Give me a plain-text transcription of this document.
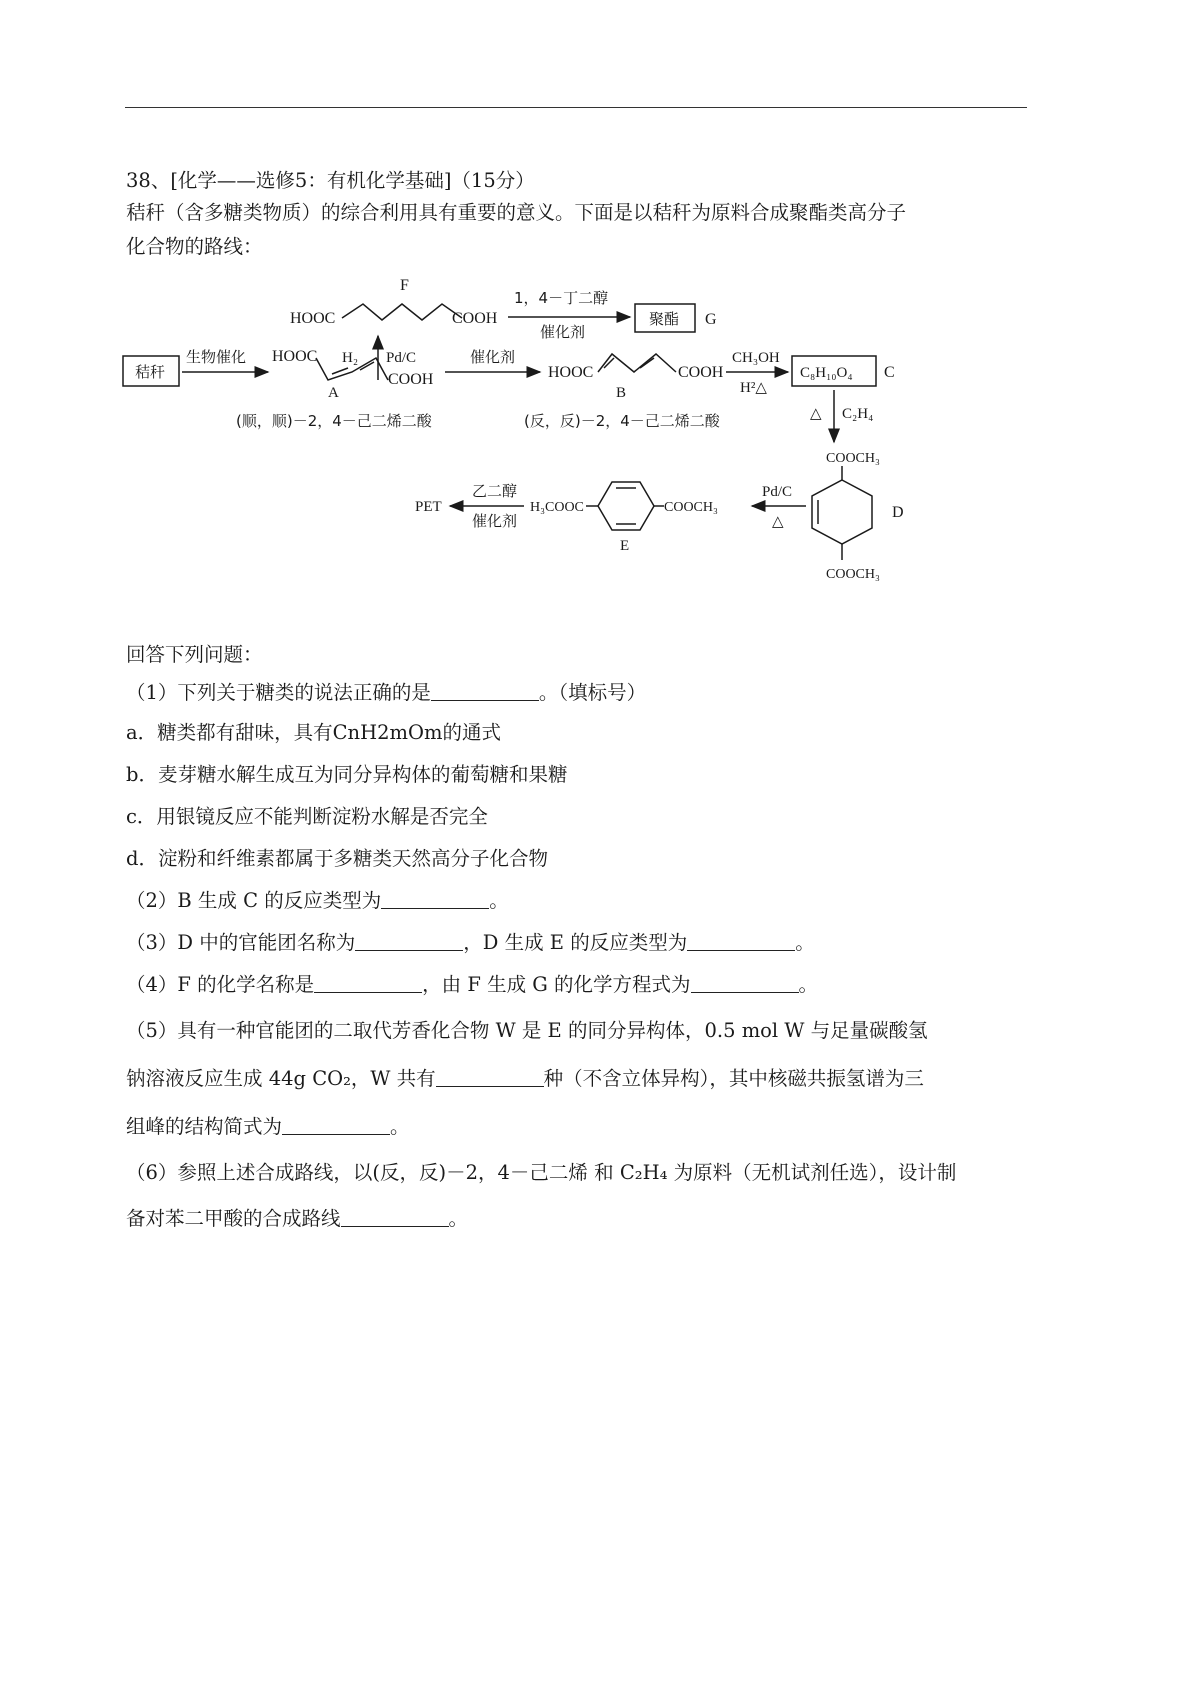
38、[化学——选修5：有机化学基础]（15分）
秸秆（含多糖类物质）的综合利用具有重要的意义。下面是以秸秆为原料合成聚酯类高分子
化合物的路线：
F
HOOC	COOH
1，4－丁二醇
催化剂
聚酯 G
H₂ Pd/C
秸秆
生物催化 HOOC
COOH
A
(顺，顺)－2，4－己二烯二酸
催化剂
HOOC	COOH
B
(反，反)－2，4－己二烯二酸
CH₃OH
H²△
C₈H₁₀O₄ C
△ C₂H₄
COOCH₃
COOCH₃
D
Pd/C
△
H₃COOC	COOCH₃
E
乙二醇
催化剂
PET
回答下列问题：
（1）下列关于糖类的说法正确的是	。（填标号）
a．糖类都有甜味，具有CnH2mOm的通式
b．麦芽糖水解生成互为同分异构体的葡萄糖和果糖
c．用银镜反应不能判断淀粉水解是否完全
d．淀粉和纤维素都属于多糖类天然高分子化合物
（2）B 生成 C 的反应类型为	。
（3）D 中的官能团名称为	，D 生成 E 的反应类型为	。
（4）F 的化学名称是	，由 F 生成 G 的化学方程式为	。
（5）具有一种官能团的二取代芳香化合物 W 是 E 的同分异构体，0.5 mol W 与足量碳酸氢
钠溶液反应生成 44g CO₂，W 共有	种（不含立体异构），其中核磁共振氢谱为三
组峰的结构简式为	。
（6）参照上述合成路线，以(反，反)－2，4－己二烯 和 C₂H₄ 为原料（无机试剂任选），设计制
备对苯二甲酸的合成路线	。
